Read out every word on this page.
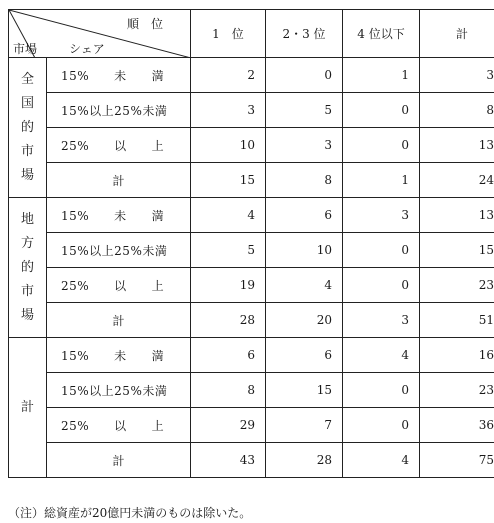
順　位
市場 シェア		1　位	2・3 位	4 位以下	計

全
国
的
市
場	15%　　未　　満	2	0	1	3
	15%以上25%未満	3	5	0	8
	25%　　以　　上	10	3	0	13
	計	15	8	1	24

地
方
的
市
場	15%　　未　　満	4	6	3	13
	15%以上25%未満	5	10	0	15
	25%　　以　　上	19	4	0	23
	計	28	20	3	51

計	15%　　未　　満	6	6	4	16
	15%以上25%未満	8	15	0	23
	25%　　以　　上	29	7	0	36
	計	43	28	4	75
（注）総資産が20億円未満のものは除いた。
